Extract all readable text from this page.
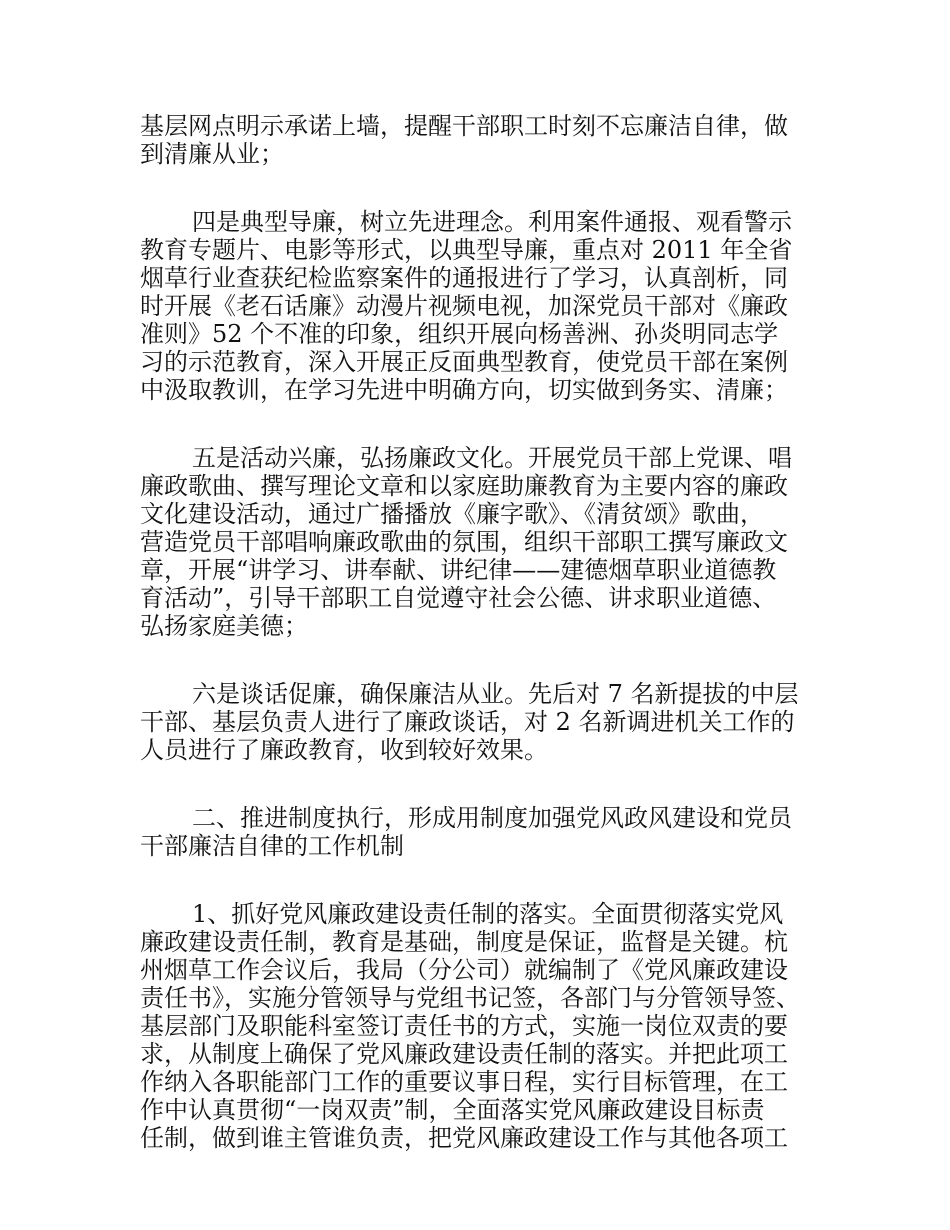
基层网点明示承诺上墙，提醒干部职工时刻不忘廉洁自律，做
到清廉从业；

四是典型导廉，树立先进理念。利用案件通报、观看警示
教育专题片、电影等形式，以典型导廉，重点对 2011 年全省
烟草行业查获纪检监察案件的通报进行了学习，认真剖析，同
时开展《老石话廉》动漫片视频电视，加深党员干部对《廉政
准则》52 个不准的印象，组织开展向杨善洲、孙炎明同志学
习的示范教育，深入开展正反面典型教育，使党员干部在案例
中汲取教训，在学习先进中明确方向，切实做到务实、清廉；

五是活动兴廉，弘扬廉政文化。开展党员干部上党课、唱
廉政歌曲、撰写理论文章和以家庭助廉教育为主要内容的廉政
文化建设活动，通过广播播放《廉字歌》、《清贫颂》歌曲，
营造党员干部唱响廉政歌曲的氛围，组织干部职工撰写廉政文
章，开展“讲学习、讲奉献、讲纪律——建德烟草职业道德教
育活动”，引导干部职工自觉遵守社会公德、讲求职业道德、
弘扬家庭美德；

六是谈话促廉，确保廉洁从业。先后对 7 名新提拔的中层
干部、基层负责人进行了廉政谈话，对 2 名新调进机关工作的
人员进行了廉政教育，收到较好效果。

二、推进制度执行，形成用制度加强党风政风建设和党员
干部廉洁自律的工作机制

1、抓好党风廉政建设责任制的落实。全面贯彻落实党风
廉政建设责任制，教育是基础，制度是保证，监督是关键。杭
州烟草工作会议后，我局（分公司）就编制了《党风廉政建设
责任书》，实施分管领导与党组书记签，各部门与分管领导签、
基层部门及职能科室签订责任书的方式，实施一岗位双责的要
求，从制度上确保了党风廉政建设责任制的落实。并把此项工
作纳入各职能部门工作的重要议事日程，实行目标管理，在工
作中认真贯彻“一岗双责”制，全面落实党风廉政建设目标责
任制，做到谁主管谁负责，把党风廉政建设工作与其他各项工
